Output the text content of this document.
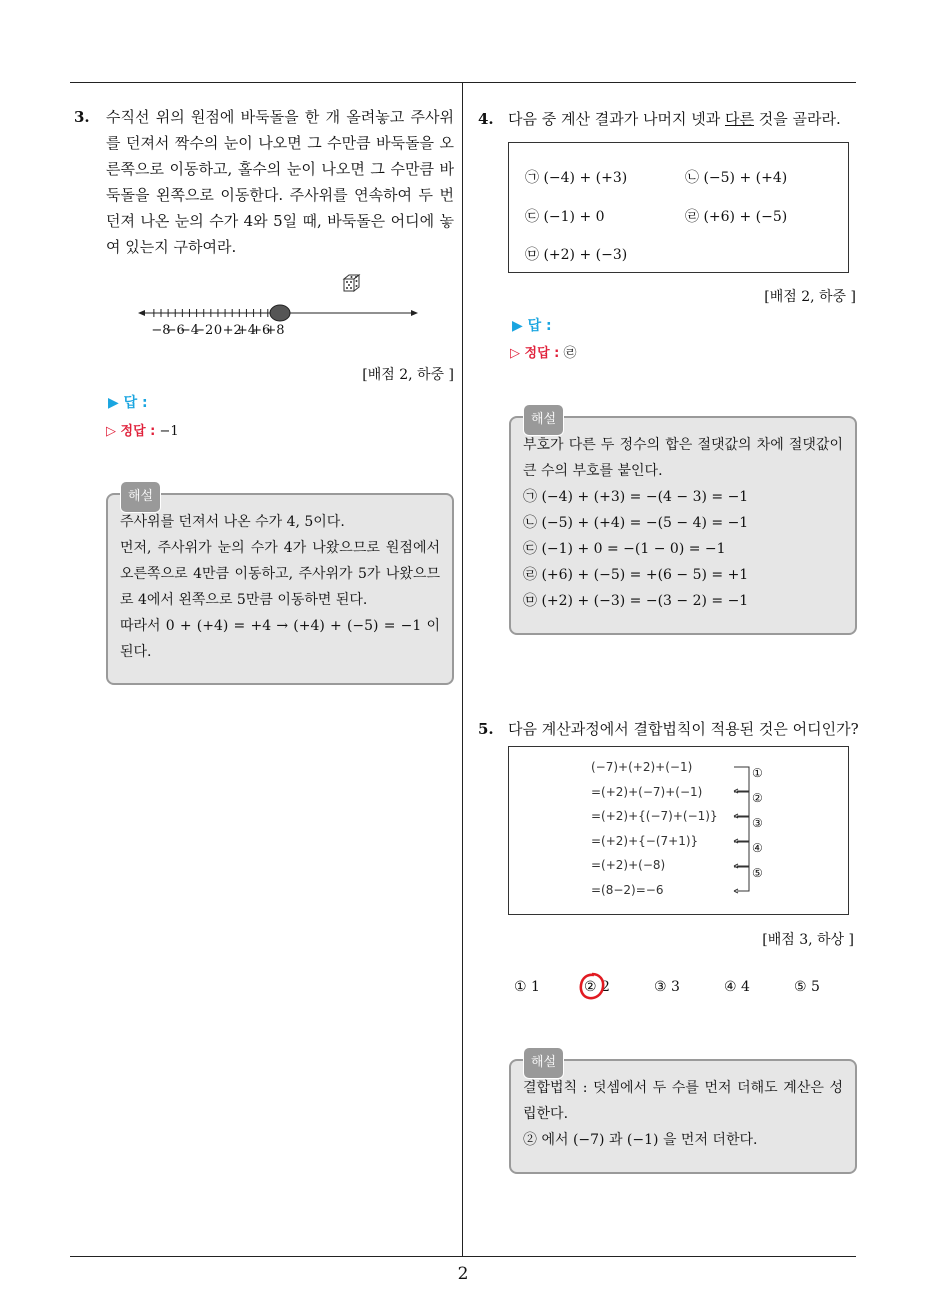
2
3. 수직선 위의 원점에 바둑돌을 한 개 올려놓고 주사위를 던져서 짝수의 눈이 나오면 그 수만큼 바둑돌을 오른쪽으로 이동하고, 홀수의 눈이 나오면 그 수만큼 바둑돌을 왼쪽으로 이동한다. 주사위를 연속하여 두 번 던져 나온 눈의 수가 4와 5일 때, 바둑돌은 어디에 놓여 있는지 구하여라.
−8
−6
−4
−2 0 +2
+4
+6
+8
[배점 2, 하중 ]
▶ 답 :
▷ 정답 : −1
해설
주사위를 던져서 나온 수가 4, 5이다.
먼저, 주사위가 눈의 수가 4가 나왔으므로 원점에서 오른쪽으로 4만큼 이동하고, 주사위가 5가 나왔으므로 4에서 왼쪽으로 5만큼 이동하면 된다.
따라서 0 + (+4) = +4 → (+4) + (−5) = −1 이 된다.
4. 다음 중 계산 결과가 나머지 넷과 다른 것을 골라라.
㉠ (−4) + (+3)	㉡ (−5) + (+4)
㉢ (−1) + 0	㉣ (+6) + (−5)
㉤ (+2) + (−3)
[배점 2, 하중 ]
▶ 답 :
▷ 정답 : ㉣
해설
부호가 다른 두 정수의 합은 절댓값의 차에 절댓값이 큰 수의 부호를 붙인다.
㉠ (−4) + (+3) = −(4 − 3) = −1
㉡ (−5) + (+4) = −(5 − 4) = −1
㉢ (−1) + 0 = −(1 − 0) = −1
㉣ (+6) + (−5) = +(6 − 5) = +1
㉤ (+2) + (−3) = −(3 − 2) = −1
5. 다음 계산과정에서 결합법칙이 적용된 것은 어디인가?
(−7)+(+2)+(−1)
=(+2)+(−7)+(−1)
=(+2)+{(−7)+(−1)}
=(+2)+{−(7+1)}
=(+2)+(−8)
=(8−2)=−6
①
②
③
④
⑤
[배점 3, 하상 ]
① 1	② 2	③ 3	④ 4	⑤ 5
해설
결합법칙 : 덧셈에서 두 수를 먼저 더해도 계산은 성립한다.
② 에서 (−7) 과 (−1) 을 먼저 더한다.
